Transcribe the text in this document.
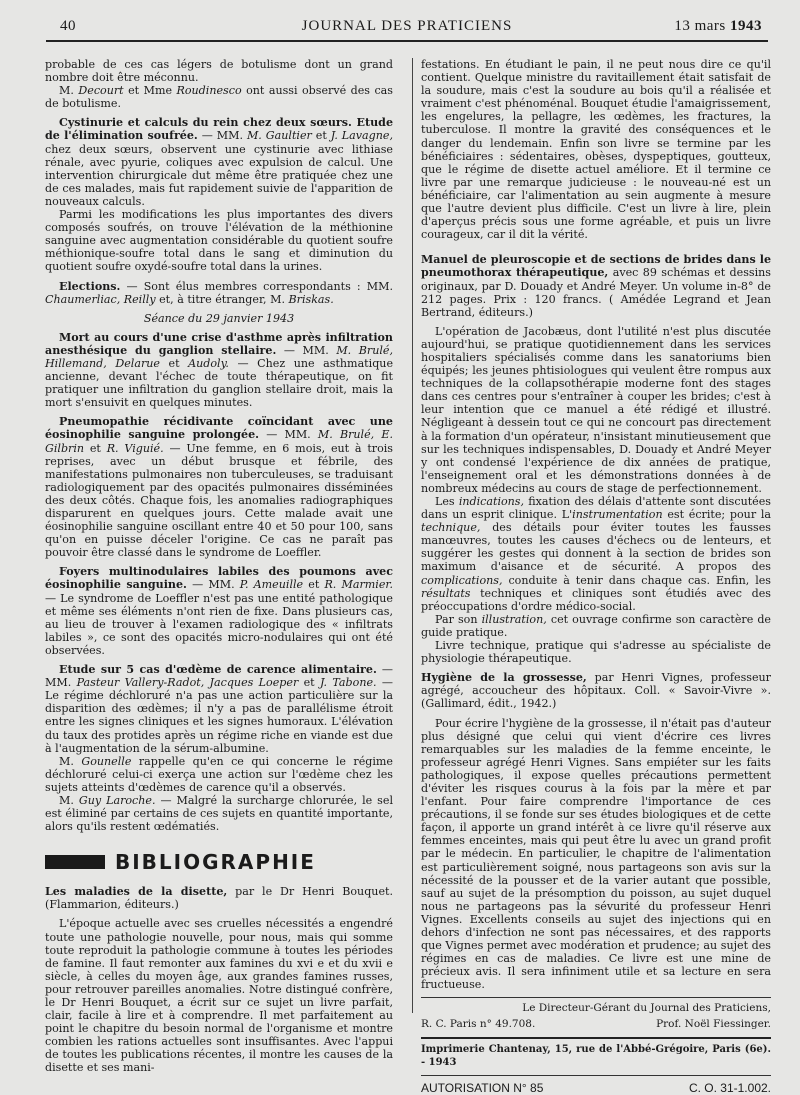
40	JOURNAL DES PRATICIENS	13 mars 1943

probable de ces cas légers de botulisme dont un grand nombre doit être méconnu.

M. Decourt et Mme Roudinesco ont aussi observé des cas de botulisme.

Cystinurie et calculs du rein chez deux sœurs. Etude de l'élimination soufrée. — MM. M. Gaultier et J. Lavagne, chez deux sœurs, observent une cystinurie avec lithiase rénale, avec pyurie, coliques avec expulsion de calcul. Une intervention chirurgicale dut même être pratiquée chez une de ces malades, mais fut rapidement suivie de l'apparition de nouveaux calculs.

Parmi les modifications les plus importantes des divers composés soufrés, on trouve l'élévation de la méthionine sanguine avec augmentation considérable du quotient soufre méthionique-soufre total dans le sang et diminution du quotient soufre oxydé-soufre total dans la urines.

Elections. — Sont élus membres correspondants : MM. Chaumerliac, Reilly et, à titre étranger, M. Briskas.

Séance du 29 janvier 1943

Mort au cours d'une crise d'asthme après infiltration anesthésique du ganglion stellaire. — MM. M. Brulé, Hillemand, Delarue et Audoly. — Chez une asthmatique ancienne, devant l'échec de toute thérapeutique, on fit pratiquer une infiltration du ganglion stellaire droit, mais la mort s'ensuivit en quelques minutes.

Pneumopathie récidivante coïncidant avec une éosinophilie sanguine prolongée. — MM. M. Brulé, E. Gilbrin et R. Viguié. — Une femme, en 6 mois, eut à trois reprises, avec un début brusque et fébrile, des manifestations pulmonaires non tuberculeuses, se traduisant radiologiquement par des opacités pulmonaires disséminées des deux côtés. Chaque fois, les anomalies radiographiques disparurent en quelques jours. Cette malade avait une éosinophilie sanguine oscillant entre 40 et 50 pour 100, sans qu'on en puisse déceler l'origine. Ce cas ne paraît pas pouvoir être classé dans le syndrome de Loeffler.

Foyers multinodulaires labiles des poumons avec éosinophilie sanguine. — MM. P. Ameuille et R. Marmier. — Le syndrome de Loeffler n'est pas une entité pathologique et même ses éléments n'ont rien de fixe. Dans plusieurs cas, au lieu de trouver à l'examen radiologique des « infiltrats labiles », ce sont des opacités micro-nodulaires qui ont été observées.

Etude sur 5 cas d'œdème de carence alimentaire. — MM. Pasteur Vallery-Radot, Jacques Loeper et J. Tabone. — Le régime déchloruré n'a pas une action particulière sur la disparition des œdèmes; il n'y a pas de parallélisme étroit entre les signes cliniques et les signes humoraux. L'élévation du taux des protides après un régime riche en viande est due à l'augmentation de la sérum-albumine.

M. Gounelle rappelle qu'en ce qui concerne le régime déchloruré celui-ci exerça une action sur l'œdème chez les sujets atteints d'œdèmes de carence qu'il a observés.

M. Guy Laroche. — Malgré la surcharge chlorurée, le sel est éliminé par certains de ces sujets en quantité importante, alors qu'ils restent œdématiés.

BIBLIOGRAPHIE

Les maladies de la disette, par le Dr Henri Bouquet. (Flammarion, éditeurs.)

L'époque actuelle avec ses cruelles nécessités a engendré toute une pathologie nouvelle, pour nous, mais qui somme toute reproduit la pathologie commune à toutes les périodes de famine. Il faut remonter aux famines du xvi e et du xvii e siècle, à celles du moyen âge, aux grandes famines russes, pour retrouver pareilles anomalies. Notre distingué confrère, le Dr Henri Bouquet, a écrit sur ce sujet un livre parfait, clair, facile à lire et à comprendre. Il met parfaitement au point le chapitre du besoin normal de l'organisme et montre combien les rations actuelles sont insuffisantes. Avec l'appui de toutes les publications récentes, il montre les causes de la disette et ses mani-

festations. En étudiant le pain, il ne peut nous dire ce qu'il contient. Quelque ministre du ravitaillement était satisfait de la soudure, mais c'est la soudure au bois qu'il a réalisée et vraiment c'est phénoménal. Bouquet étudie l'amaigrissement, les engelures, la pellagre, les œdèmes, les fractures, la tuberculose. Il montre la gravité des conséquences et le danger du lendemain. Enfin son livre se termine par les bénéficiaires : sédentaires, obèses, dyspeptiques, goutteux, que le régime de disette actuel améliore. Et il termine ce livre par une remarque judicieuse : le nouveau-né est un bénéficiaire, car l'alimentation au sein augmente à mesure que l'autre devient plus difficile. C'est un livre à lire, plein d'aperçus précis sous une forme agréable, et puis un livre courageux, car il dit la vérité.

Manuel de pleuroscopie et de sections de brides dans le pneumothorax thérapeutique, avec 89 schémas et dessins originaux, par D. Douady et André Meyer. Un volume in-8° de 212 pages. Prix : 120 francs. ( Amédée Legrand et Jean Bertrand, éditeurs.)

L'opération de Jacobæus, dont l'utilité n'est plus discutée aujourd'hui, se pratique quotidiennement dans les services hospitaliers spécialisés comme dans les sanatoriums bien équipés; les jeunes phtisiologues qui veulent être rompus aux techniques de la collapsothérapie moderne font des stages dans ces centres pour s'entraîner à couper les brides; c'est à leur intention que ce manuel a été rédigé et illustré. Négligeant à dessein tout ce qui ne concourt pas directement à la formation d'un opérateur, n'insistant minutieusement que sur les techniques indispensables, D. Douady et André Meyer y ont condensé l'expérience de dix années de pratique, l'enseignement oral et les démonstrations données à de nombreux médecins au cours de stage de perfectionnement.

Les indications, fixation des délais d'attente sont discutées dans un esprit clinique. L'instrumentation est écrite; pour la technique, des détails pour éviter toutes les fausses manœuvres, toutes les causes d'échecs ou de lenteurs, et suggérer les gestes qui donnent à la section de brides son maximum d'aisance et de sécurité. A propos des complications, conduite à tenir dans chaque cas. Enfin, les résultats techniques et cliniques sont étudiés avec des préoccupations d'ordre médico-social.

Par son illustration, cet ouvrage confirme son caractère de guide pratique.

Livre technique, pratique qui s'adresse au spécialiste de physiologie thérapeutique.

Hygiène de la grossesse, par Henri Vignes, professeur agrégé, accoucheur des hôpitaux. Coll. « Savoir-Vivre ». (Gallimard, édit., 1942.)

Pour écrire l'hygiène de la grossesse, il n'était pas d'auteur plus désigné que celui qui vient d'écrire ces livres remarquables sur les maladies de la femme enceinte, le professeur agrégé Henri Vignes. Sans empiéter sur les faits pathologiques, il expose quelles précautions permettent d'éviter les risques courus à la fois par la mère et par l'enfant. Pour faire comprendre l'importance de ces précautions, il se fonde sur ses études biologiques et de cette façon, il apporte un grand intérêt à ce livre qu'il réserve aux femmes enceintes, mais qui peut être lu avec un grand profit par le médecin. En particulier, le chapitre de l'alimentation est particulièrement soigné, nous partageons son avis sur la nécessité de la pousser et de la varier autant que possible, sauf au sujet de la présomption du poisson, au sujet duquel nous ne partageons pas la sévurité du professeur Henri Vignes. Excellents conseils au sujet des injections qui en dehors d'infection ne sont pas nécessaires, et des rapports que Vignes permet avec modération et prudence; au sujet des régimes en cas de maladies. Ce livre est une mine de précieux avis. Il sera infiniment utile et sa lecture en sera fructueuse.

Le Directeur-Gérant du Journal des Praticiens,
R. C. Paris n° 49.708.	Prof. Noël Fiessinger.
Imprimerie Chantenay, 15, rue de l'Abbé-Grégoire, Paris (6e). - 1943
AUTORISATION N° 85	C. O. 31-1.002.
